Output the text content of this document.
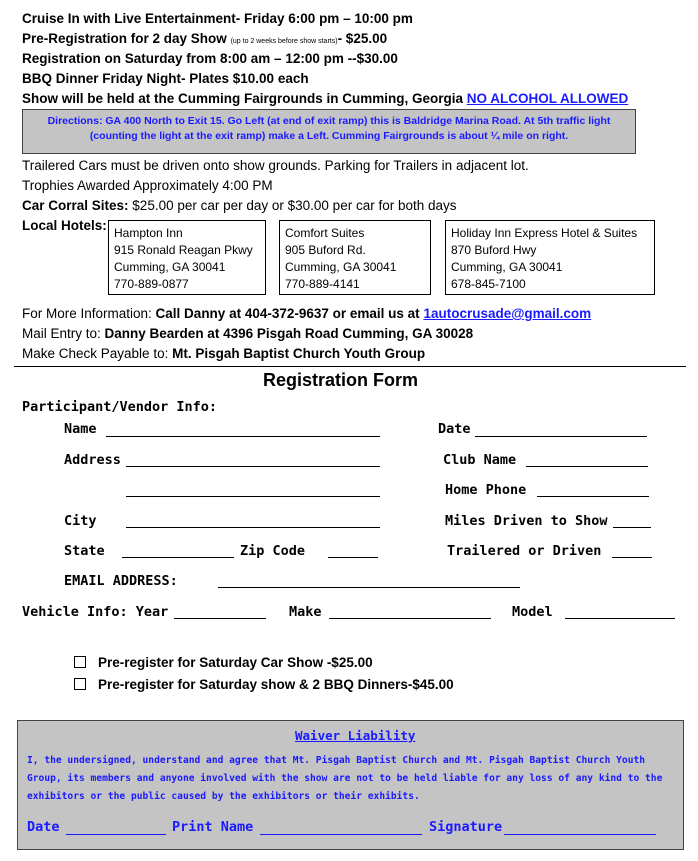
Cruise In with Live Entertainment- Friday 6:00 pm – 10:00 pm
Pre-Registration for 2 day Show (up to 2 weeks before show starts)- $25.00
Registration on Saturday from 8:00 am – 12:00 pm --$30.00
BBQ Dinner Friday Night- Plates $10.00 each
Show will be held at the Cumming Fairgrounds in Cumming, Georgia NO ALCOHOL ALLOWED
Directions: GA 400 North to Exit 15. Go Left (at end of exit ramp) this is Baldridge Marina Road. At 5th traffic light
(counting the light at the exit ramp) make a Left. Cumming Fairgrounds is about ¼ mile on right.
Trailered Cars must be driven onto show grounds. Parking for Trailers in adjacent lot.
Trophies Awarded Approximately 4:00 PM
Car Corral Sites: $25.00 per car per day or $30.00 per car for both days
Local Hotels: Hampton Inn
915 Ronald Reagan Pkwy
Cumming, GA 30041
770-889-0877
Comfort Suites
905 Buford Rd.
Cumming, GA 30041
770-889-4141
Holiday Inn Express Hotel & Suites
870 Buford Hwy
Cumming, GA 30041
678-845-7100
For More Information: Call Danny at 404-372-9637 or email us at 1autocrusade@gmail.com
Mail Entry to: Danny Bearden at 4396 Pisgah Road Cumming, GA 30028
Make Check Payable to: Mt. Pisgah Baptist Church Youth Group
Registration Form
Participant/Vendor Info:
Name	Date
Address	Club Name
Home Phone
City	Miles Driven to Show
State	Zip Code	Trailered or Driven
EMAIL ADDRESS:
Vehicle Info: Year	Make	Model
Pre-register for Saturday Car Show -$25.00
Pre-register for Saturday show & 2 BBQ Dinners-$45.00
Waiver Liability
I, the undersigned, understand and agree that Mt. Pisgah Baptist Church and Mt. Pisgah Baptist Church Youth
Group, its members and anyone involved with the show are not to be held liable for any loss of any kind to the
exhibitors or the public caused by the exhibitors or their exhibits.
Date	Print Name	Signature
